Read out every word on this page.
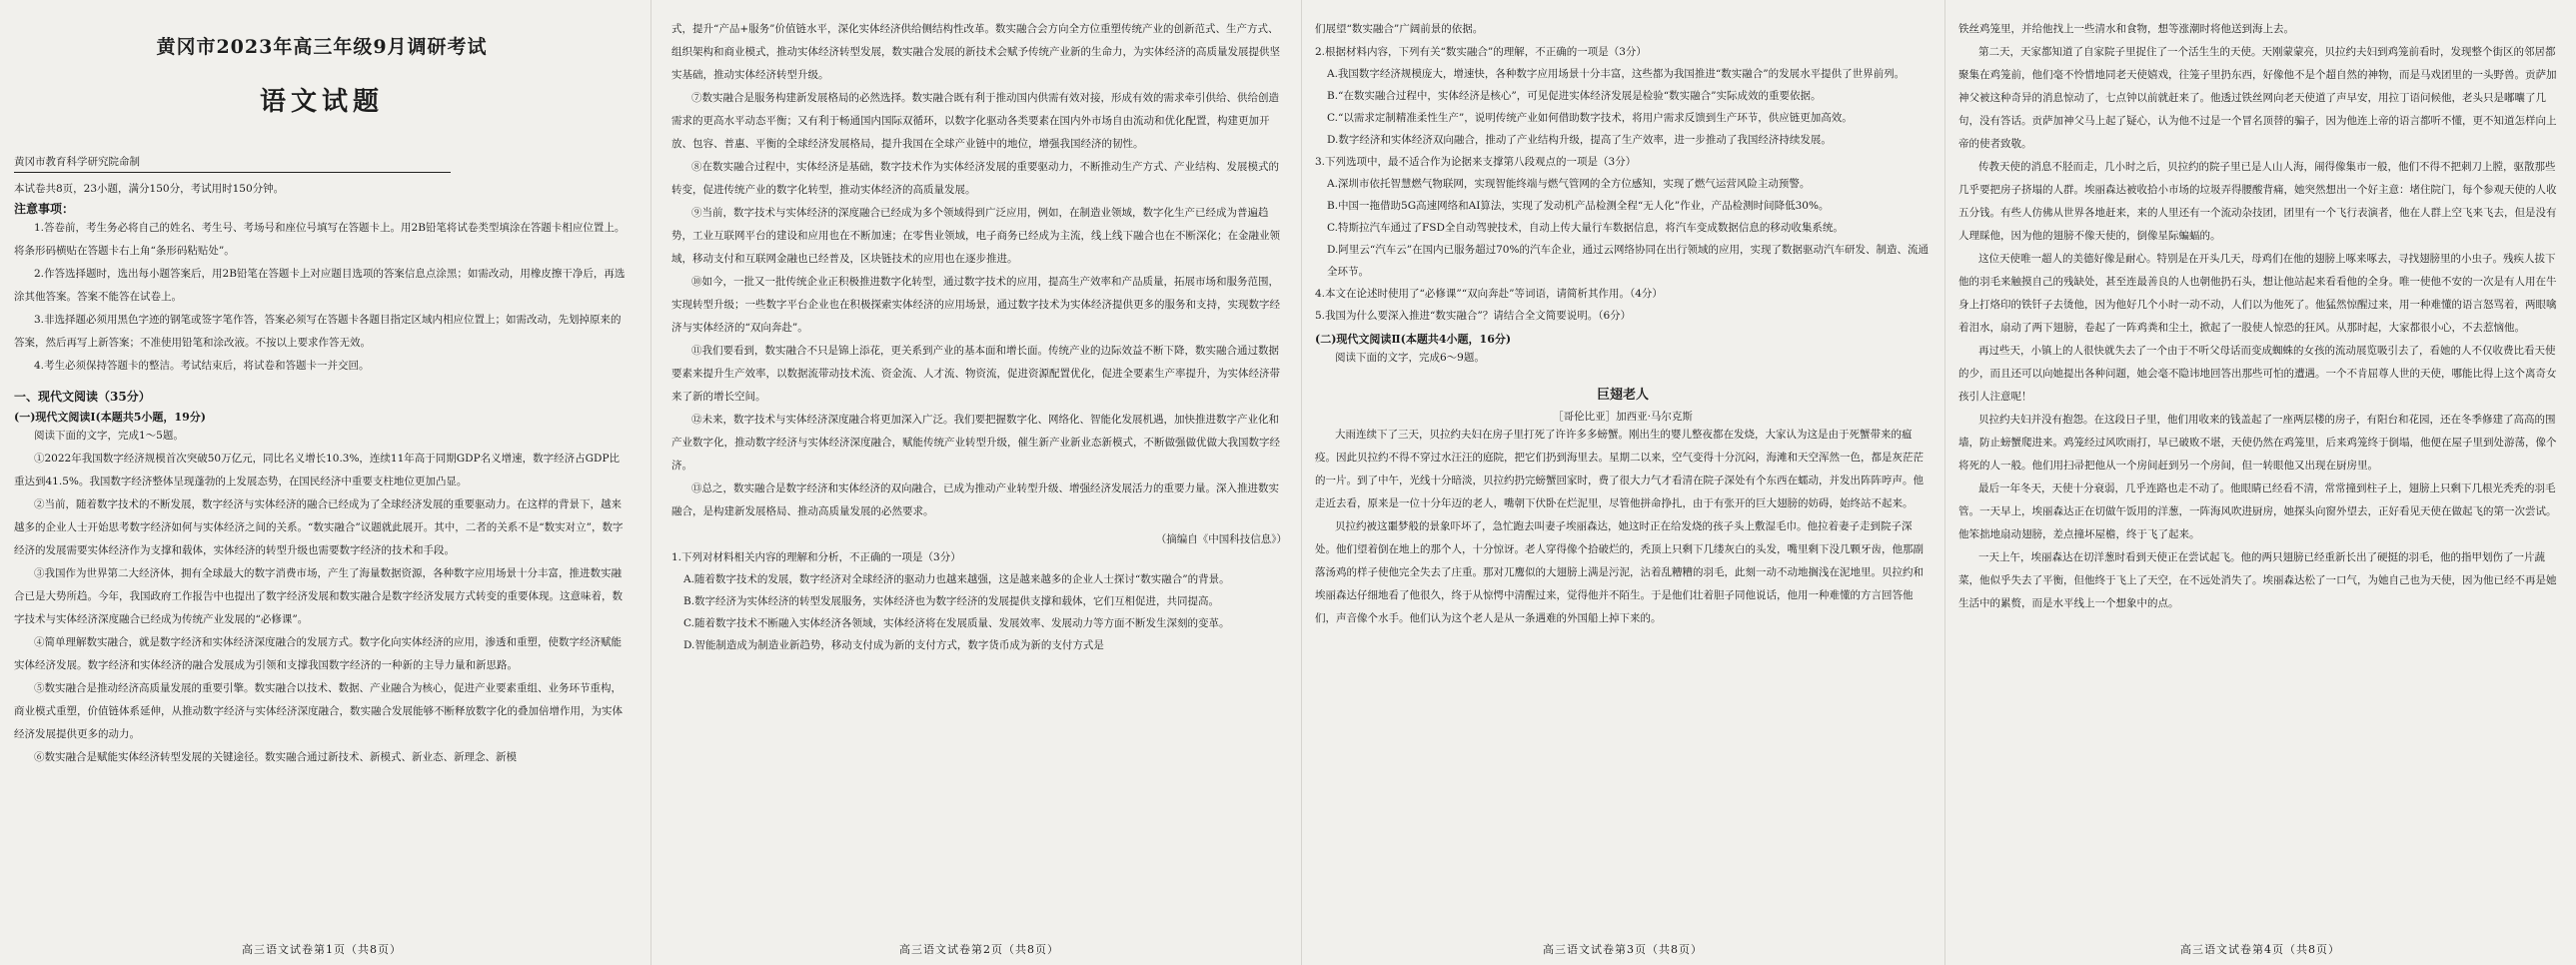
黄冈市2023年高三年级9月调研考试
语文试题
黄冈市教育科学研究院命制
本试卷共8页，23小题，满分150分，考试用时150分钟。
注意事项：

1.答卷前，考生务必将自己的姓名、考生号、考场号和座位号填写在答题卡上。用2B铅笔将试卷类型填涂在答题卡相应位置上。将条形码横贴在答题卡右上角“条形码粘贴处”。

2.作答选择题时，选出每小题答案后，用2B铅笔在答题卡上对应题目选项的答案信息点涂黑；如需改动，用橡皮擦干净后，再选涂其他答案。答案不能答在试卷上。

3.非选择题必须用黑色字迹的钢笔或签字笔作答，答案必须写在答题卡各题目指定区域内相应位置上；如需改动，先划掉原来的答案，然后再写上新答案；不准使用铅笔和涂改液。不按以上要求作答无效。

4.考生必须保持答题卡的整洁。考试结束后，将试卷和答题卡一并交回。

一、现代文阅读（35分）
(一)现代文阅读Ⅰ(本题共5小题，19分)

阅读下面的文字，完成1～5题。

①2022年我国数字经济规模首次突破50万亿元，同比名义增长10.3%，连续11年高于同期GDP名义增速，数字经济占GDP比重达到41.5%。我国数字经济整体呈现蓬勃的上发展态势，在国民经济中重要支柱地位更加凸显。

②当前，随着数字技术的不断发展，数字经济与实体经济的融合已经成为了全球经济发展的重要驱动力。在这样的背景下，越来越多的企业人士开始思考数字经济如何与实体经济之间的关系。“数实融合”议题就此展开。其中，二者的关系不是“数实对立”，数字经济的发展需要实体经济作为支撑和载体，实体经济的转型升级也需要数字经济的技术和手段。

③我国作为世界第二大经济体，拥有全球最大的数字消费市场，产生了海量数据资源，各种数字应用场景十分丰富，推进数实融合已是大势所趋。今年，我国政府工作报告中也提出了数字经济发展和数实融合是数字经济发展方式转变的重要体现。这意味着，数字技术与实体经济深度融合已经成为传统产业发展的“必修课”。

④简单理解数实融合，就是数字经济和实体经济深度融合的发展方式。数字化向实体经济的应用，渗透和重塑，使数字经济赋能实体经济发展。数字经济和实体经济的融合发展成为引领和支撑我国数字经济的一种新的主导力量和新思路。

⑤数实融合是推动经济高质量发展的重要引擎。数实融合以技术、数据、产业融合为核心，促进产业要素重组、业务环节重构，商业模式重塑，价值链体系延伸，从推动数字经济与实体经济深度融合，数实融合发展能够不断释放数字化的叠加倍增作用，为实体经济发展提供更多的动力。

⑥数实融合是赋能实体经济转型发展的关键途径。数实融合通过新技术、新模式、新业态、新理念、新模

高三语文试卷第1页（共8页）

式，提升“产品+服务”价值链水平，深化实体经济供给侧结构性改革。数实融合会方向全方位重塑传统产业的创新范式、生产方式、组织架构和商业模式，推动实体经济转型发展，数实融合发展的新技术会赋予传统产业新的生命力，为实体经济的高质量发展提供坚实基础，推动实体经济转型升级。

⑦数实融合是服务构建新发展格局的必然选择。数实融合既有利于推动国内供需有效对接，形成有效的需求牵引供给、供给创造需求的更高水平动态平衡；又有利于畅通国内国际双循环，以数字化驱动各类要素在国内外市场自由流动和优化配置，构建更加开放、包容、普惠、平衡的全球经济发展格局，提升我国在全球产业链中的地位，增强我国经济的韧性。

⑧在数实融合过程中，实体经济是基础，数字技术作为实体经济发展的重要驱动力，不断推动生产方式、产业结构、发展模式的转变，促进传统产业的数字化转型，推动实体经济的高质量发展。

⑨当前，数字技术与实体经济的深度融合已经成为多个领域得到广泛应用，例如，在制造业领域，数字化生产已经成为普遍趋势，工业互联网平台的建设和应用也在不断加速；在零售业领域，电子商务已经成为主流，线上线下融合也在不断深化；在金融业领域，移动支付和互联网金融也已经普及，区块链技术的应用也在逐步推进。

⑩如今，一批又一批传统企业正积极推进数字化转型，通过数字技术的应用，提高生产效率和产品质量，拓展市场和服务范围，实现转型升级；一些数字平台企业也在积极探索实体经济的应用场景，通过数字技术为实体经济提供更多的服务和支持，实现数字经济与实体经济的“双向奔赴”。

⑪我们要看到，数实融合不只是锦上添花，更关系到产业的基本面和增长面。传统产业的边际效益不断下降，数实融合通过数据要素来提升生产效率，以数据流带动技术流、资金流、人才流、物资流，促进资源配置优化，促进全要素生产率提升，为实体经济带来了新的增长空间。

⑫未来，数字技术与实体经济深度融合将更加深入广泛。我们要把握数字化、网络化、智能化发展机遇，加快推进数字产业化和产业数字化，推动数字经济与实体经济深度融合，赋能传统产业转型升级，催生新产业新业态新模式，不断做强做优做大我国数字经济。

⑬总之，数实融合是数字经济和实体经济的双向融合，已成为推动产业转型升级、增强经济发展活力的重要力量。深入推进数实融合，是构建新发展格局、推动高质量发展的必然要求。

（摘编自《中国科技信息》）

1.下列对材料相关内容的理解和分析，不正确的一项是（3分）

A.随着数字技术的发展，数字经济对全球经济的驱动力也越来越强，这是越来越多的企业人士探讨“数实融合”的背景。

B.数字经济为实体经济的转型发展服务，实体经济也为数字经济的发展提供支撑和载体，它们互相促进，共同提高。

C.随着数字技术不断融入实体经济各领域，实体经济将在发展质量、发展效率、发展动力等方面不断发生深刻的变革。

D.智能制造成为制造业新趋势，移动支付成为新的支付方式，数字货币成为新的支付方式是

高三语文试卷第2页（共8页）

们展望“数实融合”广阔前景的依据。

2.根据材料内容，下列有关“数实融合”的理解，不正确的一项是（3分）

A.我国数字经济规模庞大，增速快，各种数字应用场景十分丰富，这些都为我国推进“数实融合”的发展水平提供了世界前列。

B.“在数实融合过程中，实体经济是核心”，可见促进实体经济发展是检验“数实融合”实际成效的重要依据。

C.“以需求定制精准柔性生产”，说明传统产业如何借助数字技术，将用户需求反馈到生产环节，供应链更加高效。

D.数字经济和实体经济双向融合，推动了产业结构升级，提高了生产效率，进一步推动了我国经济持续发展。

3.下列选项中，最不适合作为论据来支撑第八段观点的一项是（3分）

A.深圳市依托智慧燃气物联网，实现智能终端与燃气管网的全方位感知，实现了燃气运营风险主动预警。

B.中国一拖借助5G高速网络和AI算法，实现了发动机产品检测全程“无人化”作业，产品检测时间降低30%。

C.特斯拉汽车通过了FSD全自动驾驶技术，自动上传大量行车数据信息，将汽车变成数据信息的移动收集系统。

D.阿里云“汽车云”在国内已服务超过70%的汽车企业，通过云网络协同在出行领域的应用，实现了数据驱动汽车研发、制造、流通全环节。

4.本文在论述时使用了“必修课”“双向奔赴”等词语，请简析其作用。（4分）

5.我国为什么要深入推进“数实融合”？请结合全文简要说明。（6分）

(二)现代文阅读Ⅱ(本题共4小题，16分)

阅读下面的文字，完成6～9题。

巨翅老人
［哥伦比亚］加西亚·马尔克斯

大雨连续下了三天，贝拉约夫妇在房子里打死了许许多多螃蟹。刚出生的婴儿整夜都在发烧，大家认为这是由于死蟹带来的瘟疫。因此贝拉约不得不穿过水汪汪的庭院，把它们扔到海里去。星期二以来，空气变得十分沉闷，海滩和天空浑然一色，都是灰茫茫的一片。到了中午，光线十分暗淡，贝拉约扔完螃蟹回家时，费了很大力气才看清在院子深处有个东西在蠕动，并发出阵阵哼声。他走近去看，原来是一位十分年迈的老人，嘴朝下伏卧在烂泥里，尽管他拼命挣扎，由于有张开的巨大翅膀的妨碍，始终站不起来。

贝拉约被这噩梦般的景象吓坏了，急忙跑去叫妻子埃丽森达，她这时正在给发烧的孩子头上敷湿毛巾。他拉着妻子走到院子深处。他们望着倒在地上的那个人，十分惊讶。老人穿得像个拾破烂的，秃顶上只剩下几缕灰白的头发，嘴里剩下没几颗牙齿，他那副落汤鸡的样子使他完全失去了庄重。那对兀鹰似的大翅膀上满是污泥，沾着乱糟糟的羽毛，此刻一动不动地搁浅在泥地里。贝拉约和埃丽森达仔细地看了他很久，终于从惊愕中清醒过来，觉得他并不陌生。于是他们壮着胆子同他说话，他用一种难懂的方言回答他们，声音像个水手。他们认为这个老人是从一条遇难的外国船上掉下来的。

高三语文试卷第3页（共8页）

铁丝鸡笼里，并给他找上一些清水和食物，想等涨潮时将他送到海上去。

第二天，天家都知道了自家院子里捉住了一个活生生的天使。天刚蒙蒙亮，贝拉约夫妇到鸡笼前看时，发现整个街区的邻居都聚集在鸡笼前，他们毫不怜惜地同老天使嬉戏，往笼子里扔东西，好像他不是个超自然的神物，而是马戏团里的一头野兽。贡萨加神父被这种奇异的消息惊动了，七点钟以前就赶来了。他透过铁丝网向老天使道了声早安，用拉丁语问候他，老头只是嘟囔了几句，没有答话。贡萨加神父马上起了疑心，认为他不过是一个冒名顶替的骗子，因为他连上帝的语言都听不懂，更不知道怎样向上帝的使者致敬。

传教天使的消息不胫而走，几小时之后，贝拉约的院子里已是人山人海，闹得像集市一般，他们不得不把刺刀上膛，驱散那些几乎要把房子挤塌的人群。埃丽森达被收拾小市场的垃圾弄得腰酸背痛，她突然想出一个好主意：堵住院门，每个参观天使的人收五分钱。有些人仿佛从世界各地赶来，来的人里还有一个流动杂技团，团里有一个飞行表演者，他在人群上空飞来飞去，但是没有人理睬他，因为他的翅膀不像天使的，倒像星际蝙蝠的。

这位天使唯一超人的美德好像是耐心。特别是在开头几天，母鸡们在他的翅膀上啄来啄去，寻找翅膀里的小虫子。残疾人拔下他的羽毛来触摸自己的残缺处，甚至连最善良的人也朝他扔石头，想让他站起来看看他的全身。唯一使他不安的一次是有人用在牛身上打烙印的铁钎子去烫他，因为他好几个小时一动不动，人们以为他死了。他猛然惊醒过来，用一种难懂的语言怒骂着，两眼噙着泪水，扇动了两下翅膀，卷起了一阵鸡粪和尘土，掀起了一股使人惊恐的狂风。从那时起，大家都很小心，不去惹恼他。

再过些天，小镇上的人很快就失去了一个由于不听父母话而变成蜘蛛的女孩的流动展览吸引去了，看她的人不仅收费比看天使的少，而且还可以向她提出各种问题，她会毫不隐讳地回答出那些可怕的遭遇。一个不肯屈尊人世的天使，哪能比得上这个离奇女孩引人注意呢！

贝拉约夫妇并没有抱怨。在这段日子里，他们用收来的钱盖起了一座两层楼的房子，有阳台和花园，还在冬季修建了高高的围墙，防止螃蟹爬进来。鸡笼经过风吹雨打，早已破败不堪，天使仍然在鸡笼里，后来鸡笼终于倒塌，他便在屋子里到处游荡，像个将死的人一般。他们用扫帚把他从一个房间赶到另一个房间，但一转眼他又出现在厨房里。

最后一年冬天，天使十分衰弱，几乎连路也走不动了。他眼睛已经看不清，常常撞到柱子上，翅膀上只剩下几根光秃秃的羽毛管。一天早上，埃丽森达正在切做午饭用的洋葱，一阵海风吹进厨房，她探头向窗外望去，正好看见天使在做起飞的第一次尝试。他笨拙地扇动翅膀，差点撞坏屋檐，终于飞了起来。

一天上午，埃丽森达在切洋葱时看到天使正在尝试起飞。他的两只翅膀已经重新长出了硬挺的羽毛，他的指甲划伤了一片蔬菜，他似乎失去了平衡，但他终于飞上了天空，在不远处消失了。埃丽森达松了一口气，为她自己也为天使，因为他已经不再是她生活中的累赘，而是水平线上一个想象中的点。

高三语文试卷第4页（共8页）
